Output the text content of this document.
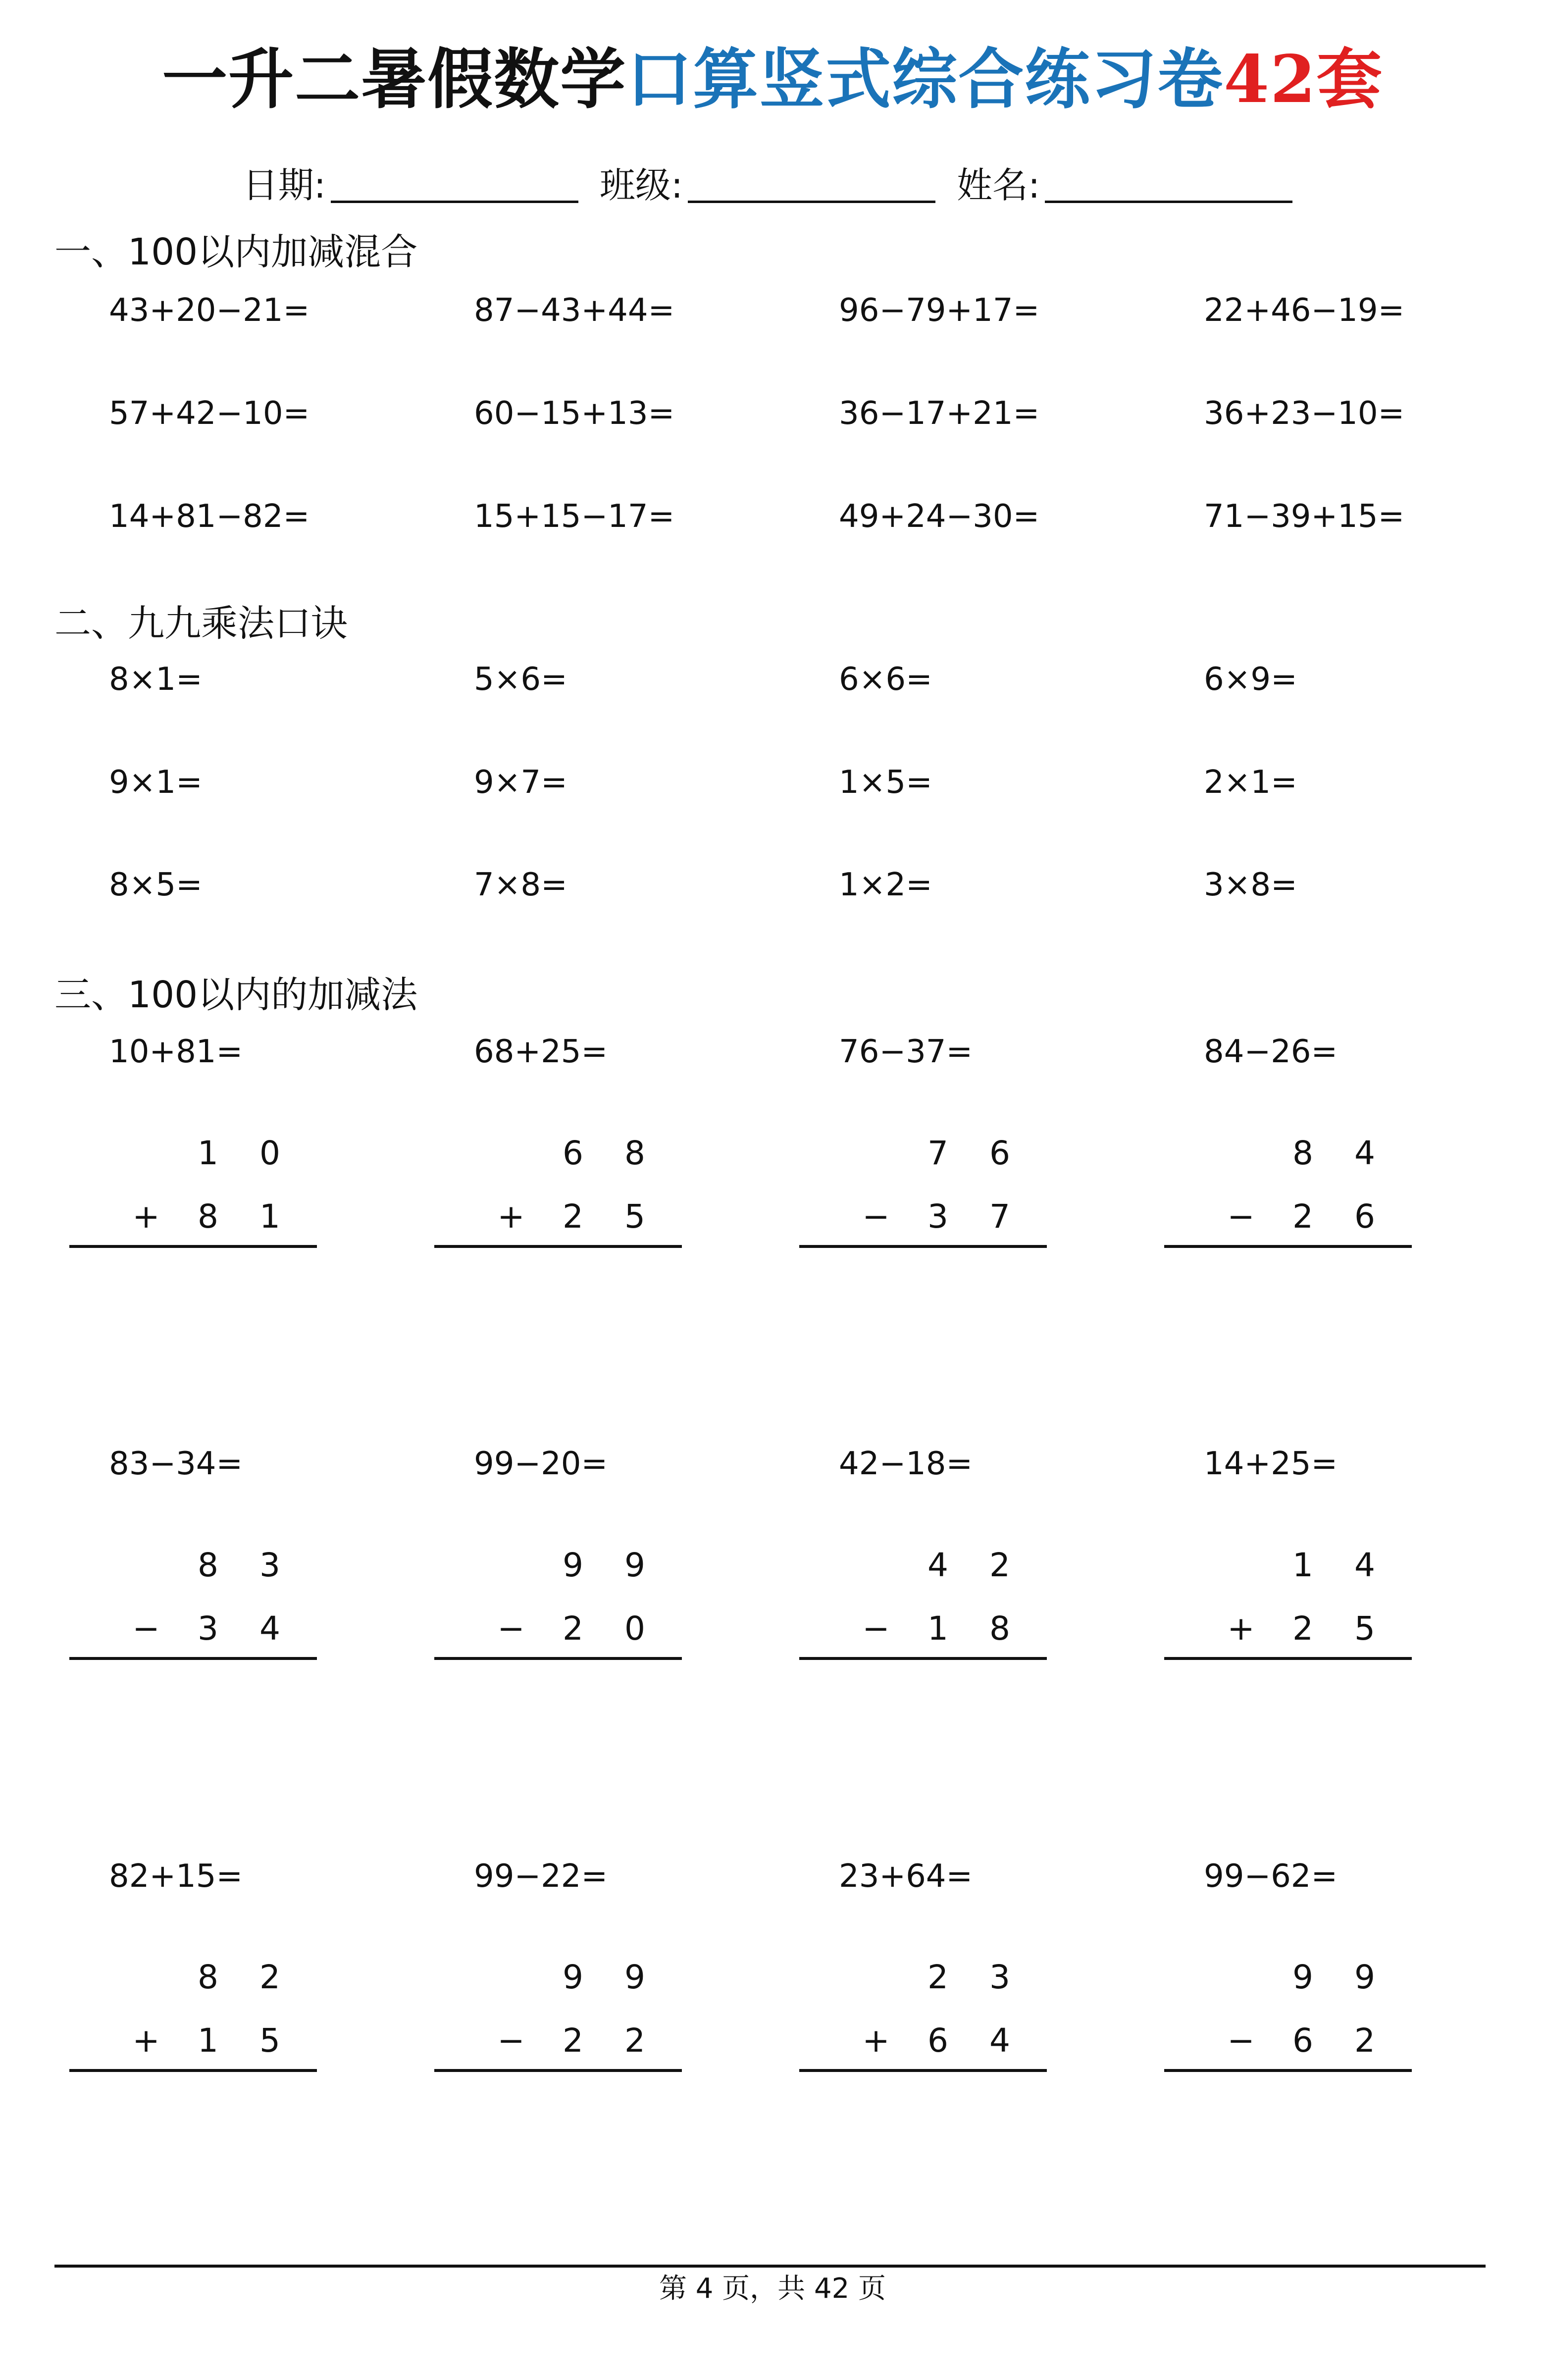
一升二暑假数学口算竖式综合练习卷42套
日期:	班级:	姓名:
一、100以内加减混合
43+20−21=	87−43+44=	96−79+17=	22+46−19=
57+42−10=	60−15+13=	36−17+21=	36+23−10=
14+81−82=	15+15−17=	49+24−30=	71−39+15=
二、九九乘法口诀
8×1=	5×6=	6×6=	6×9=
9×1=	9×7=	1×5=	2×1=
8×5=	7×8=	1×2=	3×8=
三、100以内的加减法
10+81=	68+25=	76−37=	84−26=
1 0
+ 8 1
6 8
+ 2 5
7 6
− 3 7
8 4
− 2 6
83−34=	99−20=	42−18=	14+25=
8 3
− 3 4
9 9
− 2 0
4 2
− 1 8
1 4
+ 2 5
82+15=	99−22=	23+64=	99−62=
8 2
+ 1 5
9 9
− 2 2
2 3
+ 6 4
9 9
− 6 2
第 4 页，共 42 页
